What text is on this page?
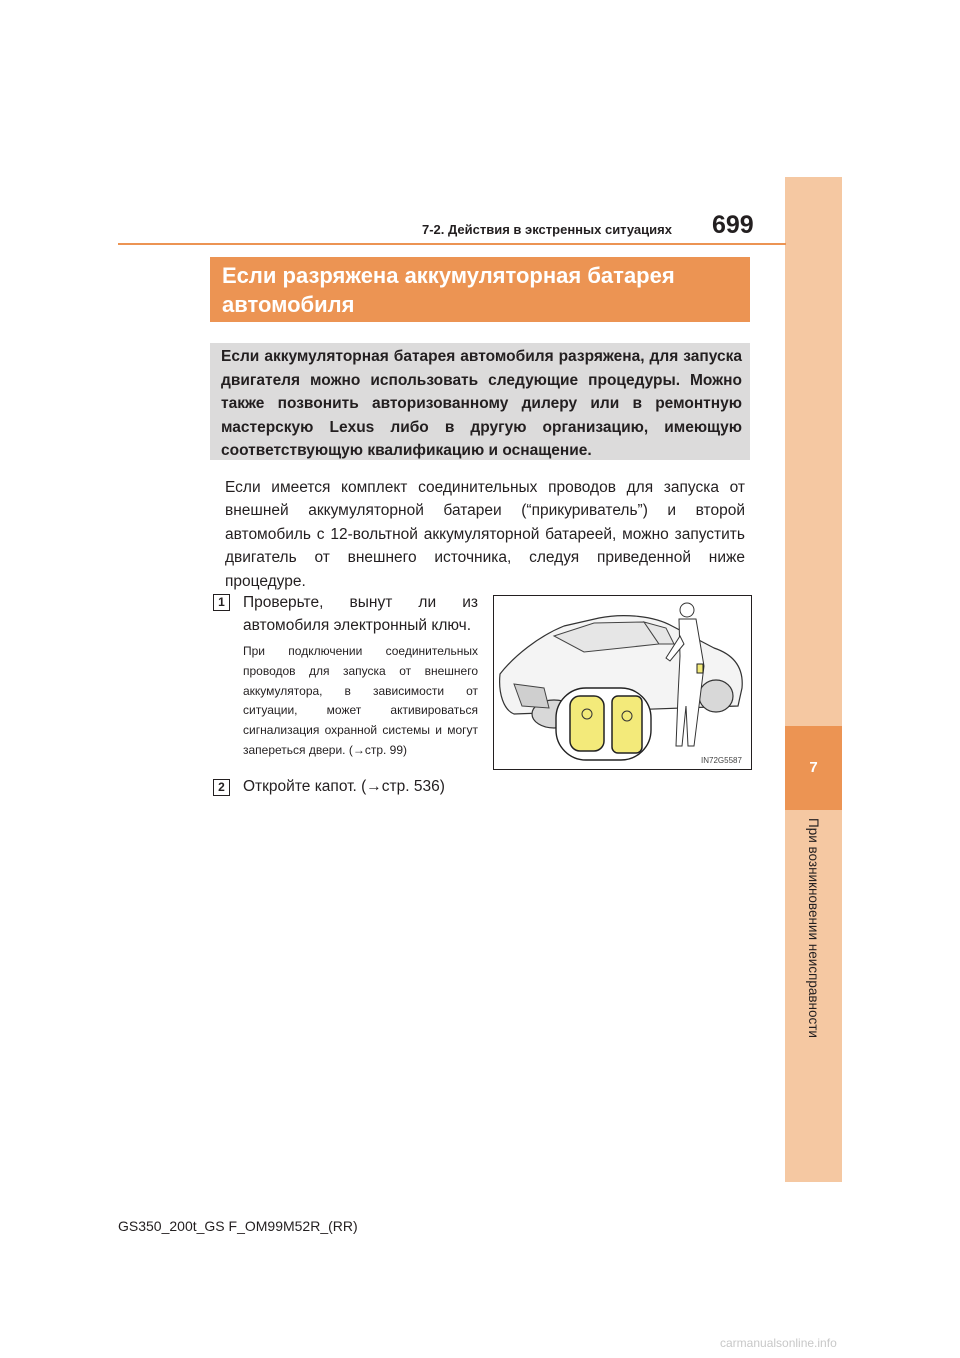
7
При возникновении неисправности
7-2. Действия в экстренных ситуациях 699
Если разряжена аккумуляторная батарея автомобиля

Если аккумуляторная батарея автомобиля разряжена, для запуска двигателя можно использовать следующие процедуры. Можно также позвонить авторизованному дилеру или в ремонтную мастерскую Lexus либо в другую организацию, имеющую соответствующую квалификацию и оснащение.

Если имеется комплект соединительных проводов для запуска от внешней аккумуляторной батареи (“прикуриватель”) и второй автомобиль с 12-вольтной аккумуляторной батареей, можно запустить двигатель от внешнего источника, следуя приведенной ниже процедуре.

1	Проверьте, вынут ли из автомобиля электронный ключ.

При подключении соединительных проводов для запуска от внешнего аккумулятора, в зависимости от ситуации, может активироваться сигнализация охранной системы и могут запереться двери. (→стр. 99)

IN72G5587
2	Откройте капот. (→стр. 536)

GS350_200t_GS F_OM99M52R_(RR)
carmanualsonline.info
